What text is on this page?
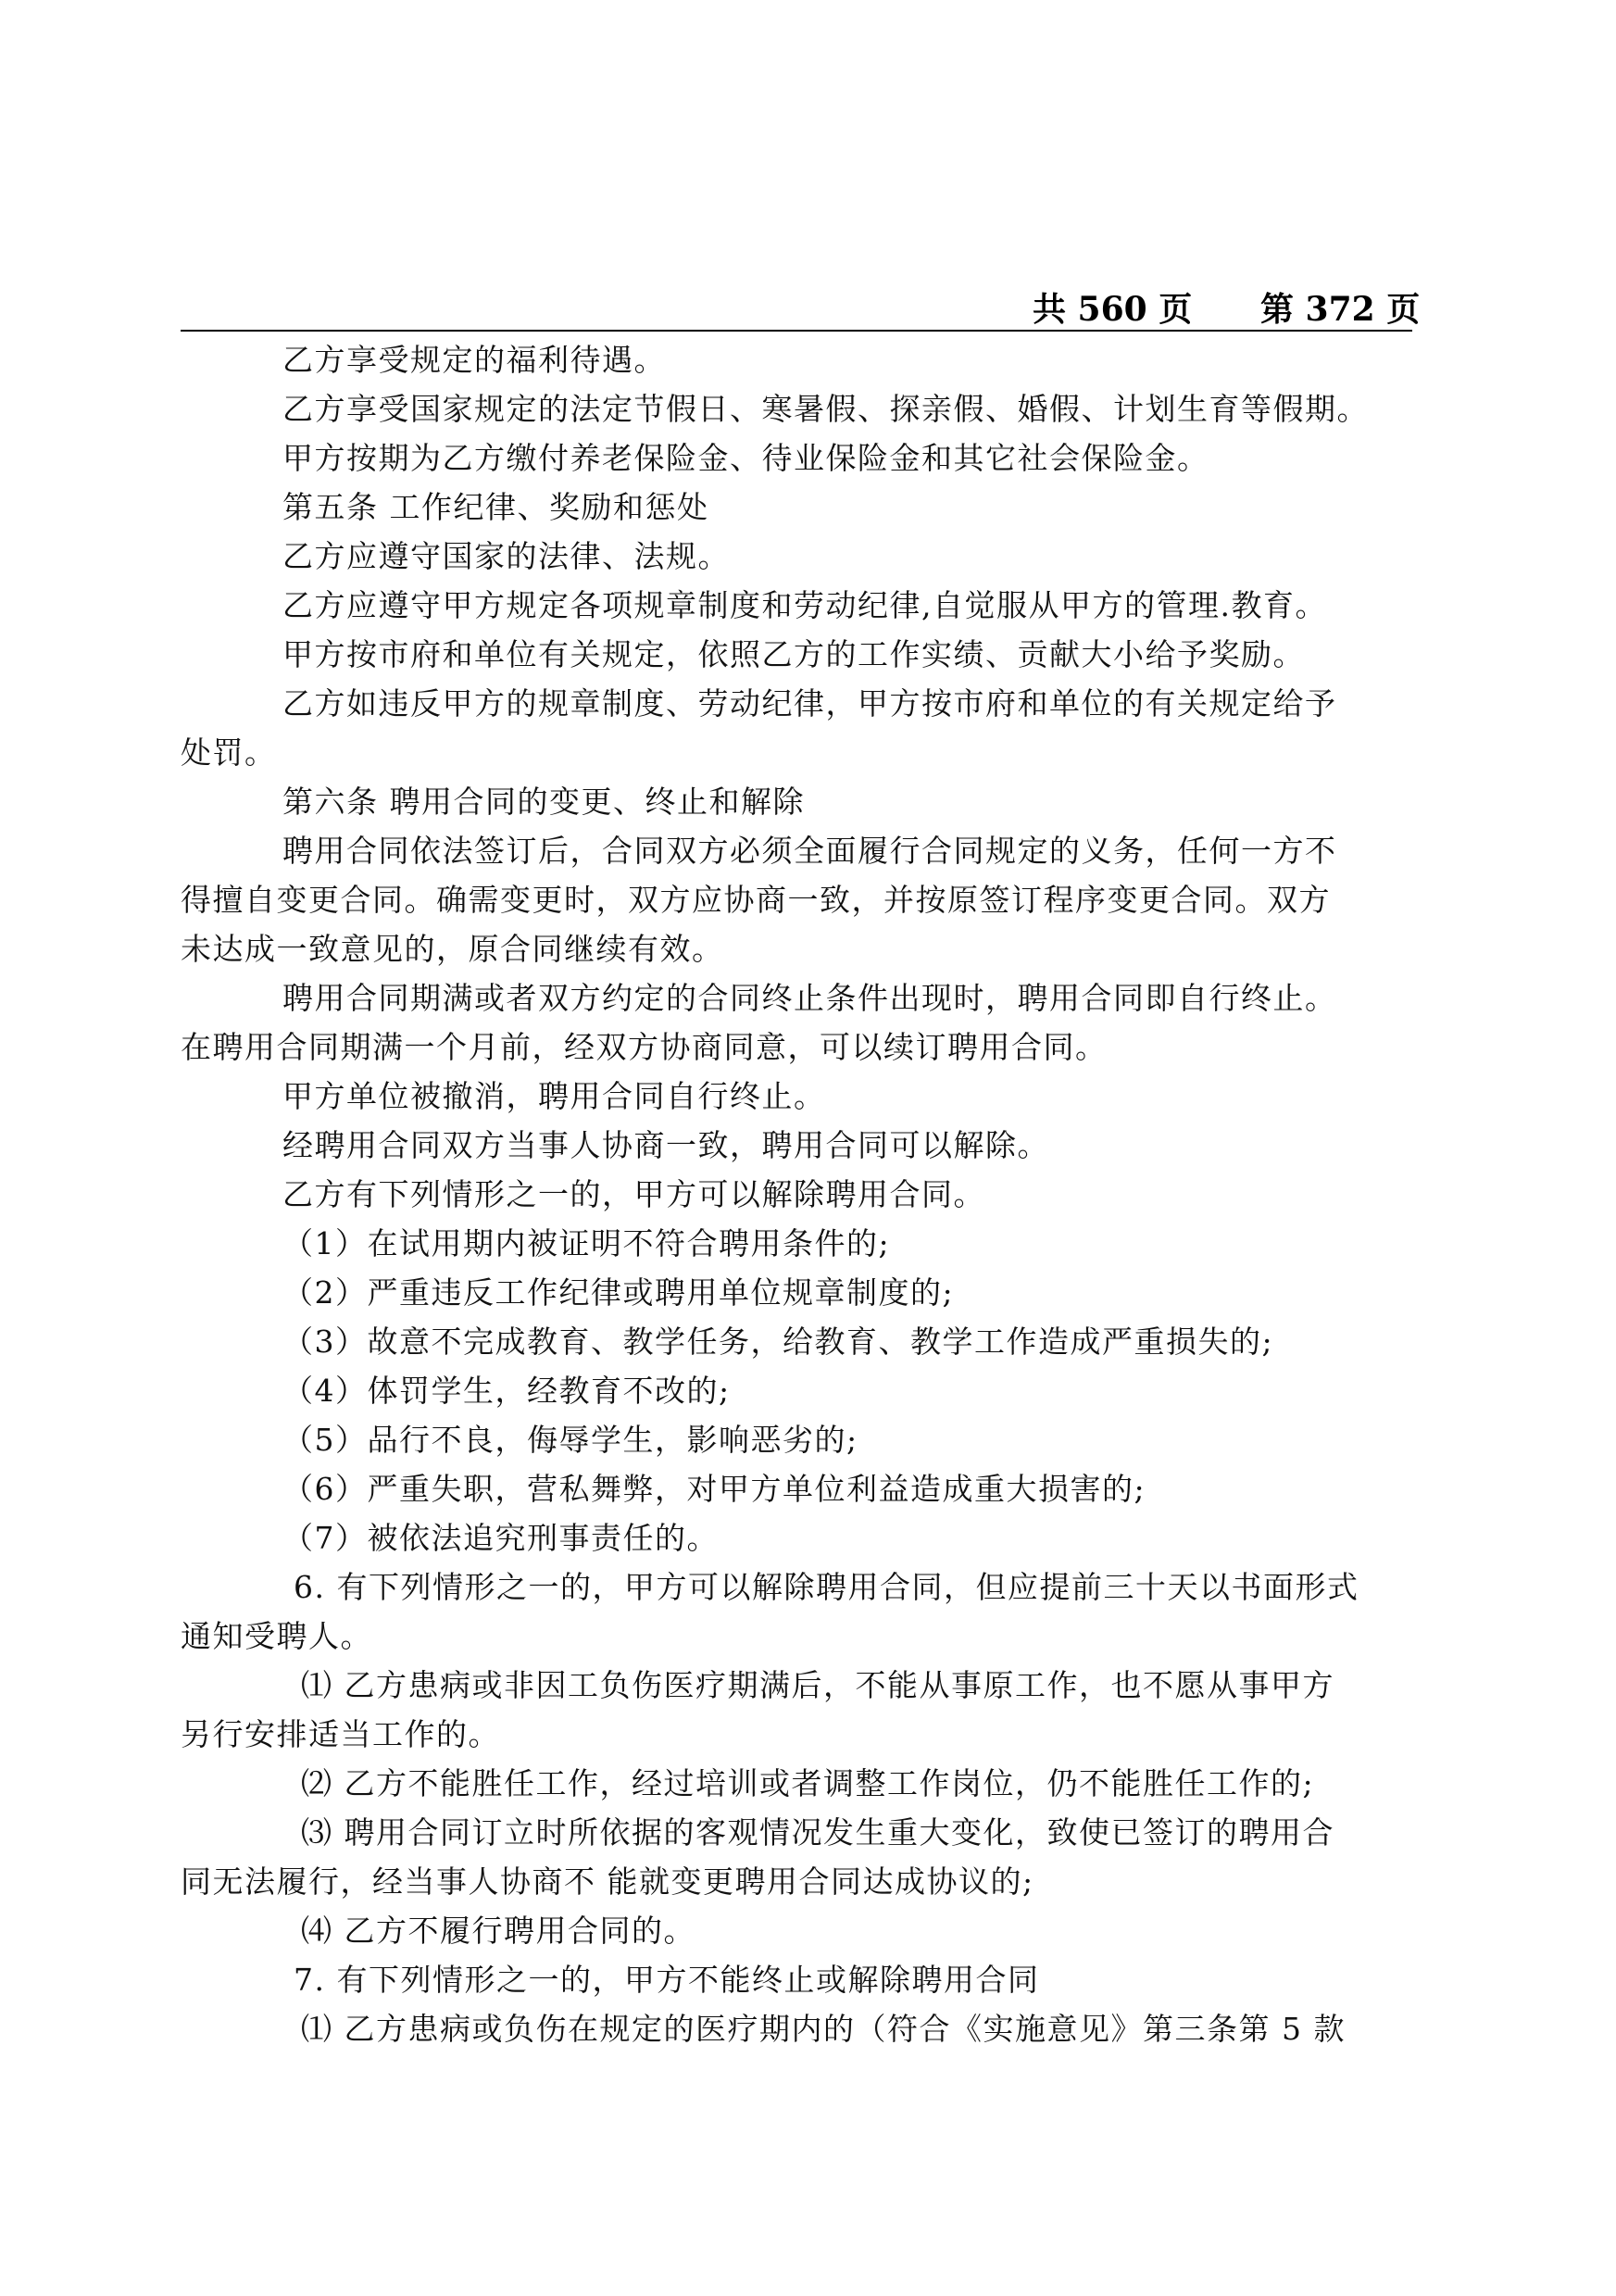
共 560 页 第 372 页
乙方享受规定的福利待遇。
乙方享受国家规定的法定节假日、寒暑假、探亲假、婚假、计划生育等假期。
甲方按期为乙方缴付养老保险金、待业保险金和其它社会保险金。
第五条 工作纪律、奖励和惩处
乙方应遵守国家的法律、法规。
乙方应遵守甲方规定各项规章制度和劳动纪律,自觉服从甲方的管理.教育。
甲方按市府和单位有关规定，依照乙方的工作实绩、贡献大小给予奖励。
乙方如违反甲方的规章制度、劳动纪律，甲方按市府和单位的有关规定给予
处罚。
第六条 聘用合同的变更、终止和解除
聘用合同依法签订后，合同双方必须全面履行合同规定的义务，任何一方不
得擅自变更合同。确需变更时，双方应协商一致，并按原签订程序变更合同。双方
未达成一致意见的，原合同继续有效。
聘用合同期满或者双方约定的合同终止条件出现时，聘用合同即自行终止。
在聘用合同期满一个月前，经双方协商同意，可以续订聘用合同。
甲方单位被撤消，聘用合同自行终止。
经聘用合同双方当事人协商一致，聘用合同可以解除。
乙方有下列情形之一的，甲方可以解除聘用合同。
（1）在试用期内被证明不符合聘用条件的;
（2）严重违反工作纪律或聘用单位规章制度的;
（3）故意不完成教育、教学任务，给教育、教学工作造成严重损失的;
（4）体罚学生，经教育不改的;
（5）品行不良，侮辱学生，影响恶劣的;
（6）严重失职，营私舞弊，对甲方单位利益造成重大损害的;
（7）被依法追究刑事责任的。
6. 有下列情形之一的，甲方可以解除聘用合同，但应提前三十天以书面形式
通知受聘人。
⑴ 乙方患病或非因工负伤医疗期满后，不能从事原工作，也不愿从事甲方
另行安排适当工作的。
⑵ 乙方不能胜任工作，经过培训或者调整工作岗位，仍不能胜任工作的;
⑶ 聘用合同订立时所依据的客观情况发生重大变化，致使已签订的聘用合
同无法履行，经当事人协商不 能就变更聘用合同达成协议的;
⑷ 乙方不履行聘用合同的。
7. 有下列情形之一的，甲方不能终止或解除聘用合同
⑴ 乙方患病或负伤在规定的医疗期内的（符合《实施意见》第三条第 5 款
